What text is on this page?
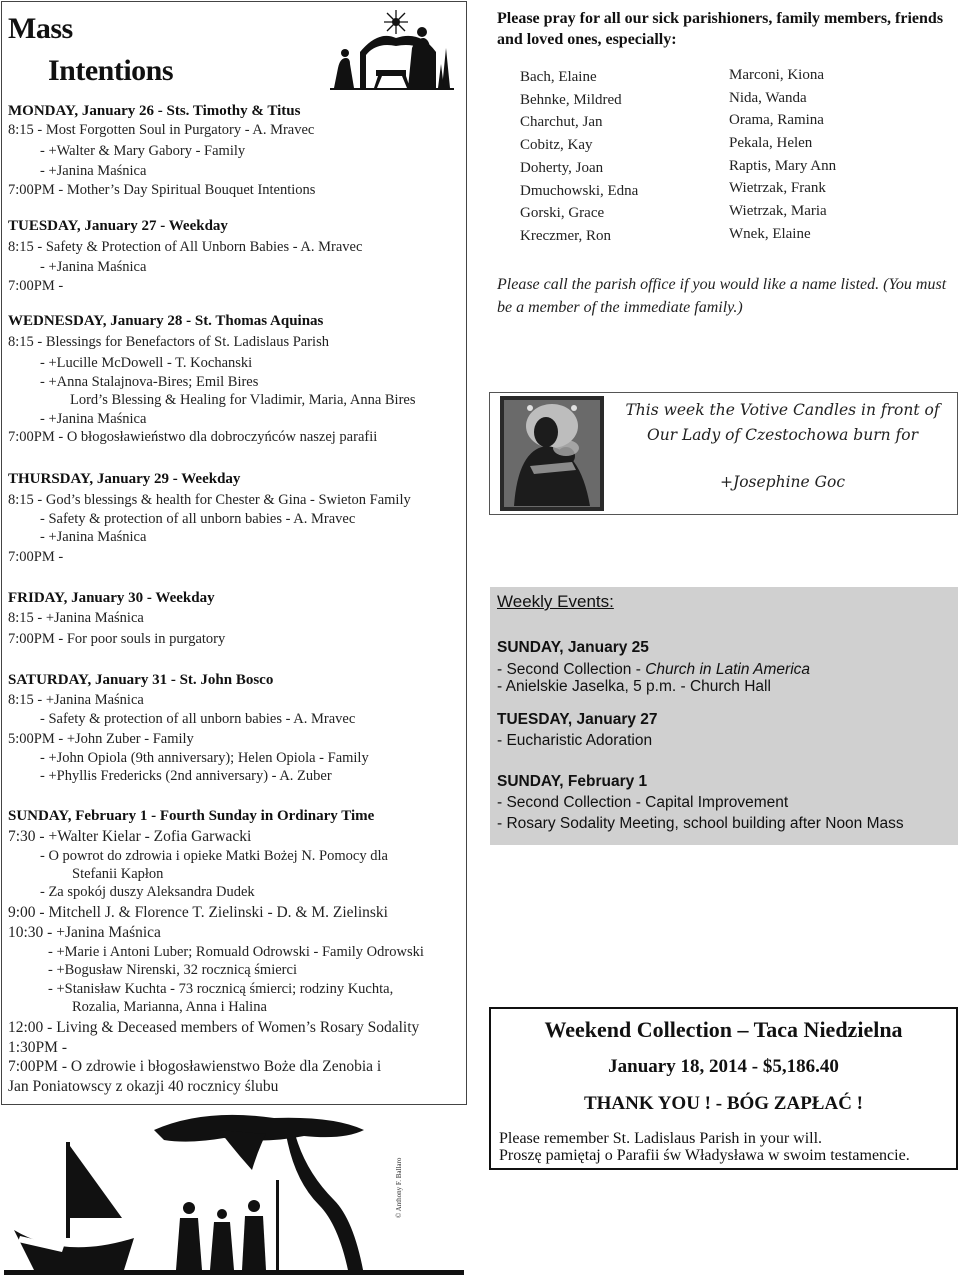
Mass
Intentions
MONDAY, January 26 - Sts. Timothy & Titus
8:15 - Most Forgotten Soul in Purgatory - A. Mravec
- +Walter & Mary Gabory - Family
- +Janina Maśnica
7:00PM - Mother’s Day Spiritual Bouquet Intentions
TUESDAY, January 27 - Weekday
8:15 - Safety & Protection of All Unborn Babies - A. Mravec
- +Janina Maśnica
7:00PM -
WEDNESDAY, January 28 - St. Thomas Aquinas
8:15 - Blessings for Benefactors of St. Ladislaus Parish
- +Lucille McDowell - T. Kochanski
- +Anna Stalajnova-Bires; Emil Bires
Lord’s Blessing & Healing for Vladimir, Maria, Anna Bires
- +Janina Maśnica
7:00PM - O błogosławieństwo dla dobroczyńców naszej parafii
THURSDAY, January 29 - Weekday
8:15 - God’s blessings & health for Chester & Gina - Swieton Family
- Safety & protection of all unborn babies - A. Mravec
- +Janina Maśnica
7:00PM -
FRIDAY, January 30 - Weekday
8:15 - +Janina Maśnica
7:00PM - For poor souls in purgatory
SATURDAY, January 31 - St. John Bosco
8:15 - +Janina Maśnica
- Safety & protection of all unborn babies - A. Mravec
5:00PM - +John Zuber - Family
- +John Opiola (9th anniversary); Helen Opiola - Family
- +Phyllis Fredericks (2nd anniversary) - A. Zuber
SUNDAY, February 1 - Fourth Sunday in Ordinary Time
7:30 - +Walter Kielar - Zofia Garwacki
- O powrot do zdrowia i opieke Matki Bożej N. Pomocy dla
Stefanii Kapłon
- Za spokój duszy Aleksandra Dudek
9:00 - Mitchell J. & Florence T. Zielinski - D. & M. Zielinski
10:30 - +Janina Maśnica
- +Marie i Antoni Luber; Romuald Odrowski - Family Odrowski
- +Bogusław Nirenski, 32 rocznicą śmierci
- +Stanisław Kuchta - 73 rocznicą śmierci; rodziny Kuchta,
Rozalia, Marianna, Anna i Halina
12:00 - Living & Deceased members of Women’s Rosary Sodality
1:30PM -
7:00PM - O zdrowie i błogosławienstwo Boże dla Zenobia i
Jan Poniatowscy z okazji 40 rocznicy ślubu
© Anthony F. Ballaro
Please pray for all our sick parishioners, family members, friends and loved ones, especially:
Bach, Elaine
Behnke, Mildred
Charchut, Jan
Cobitz, Kay
Doherty, Joan
Dmuchowski, Edna
Gorski, Grace
Kreczmer, Ron
Marconi, Kiona
Nida, Wanda
Orama, Ramina
Pekala, Helen
Raptis, Mary Ann
Wietrzak, Frank
Wietrzak, Maria
Wnek, Elaine
Please call the parish office if you would like a name listed. (You must be a member of the immediate family.)
This week the Votive Candles in front of
Our Lady of Czestochowa burn for
+Josephine Goc
Weekly Events:
SUNDAY, January 25
- Second Collection - Church in Latin America
- Anielskie Jaselka, 5 p.m. - Church Hall
TUESDAY, January 27
- Eucharistic Adoration
SUNDAY, February 1
- Second Collection - Capital Improvement
- Rosary Sodality Meeting, school building after Noon Mass
Weekend Collection – Taca Niedzielna
January 18, 2014 - $5,186.40
THANK YOU ! - BÓG ZAPŁAĆ !
Please remember St. Ladislaus Parish in your will.
Proszę pamiętaj o Parafii św Władysława w swoim testamencie.
